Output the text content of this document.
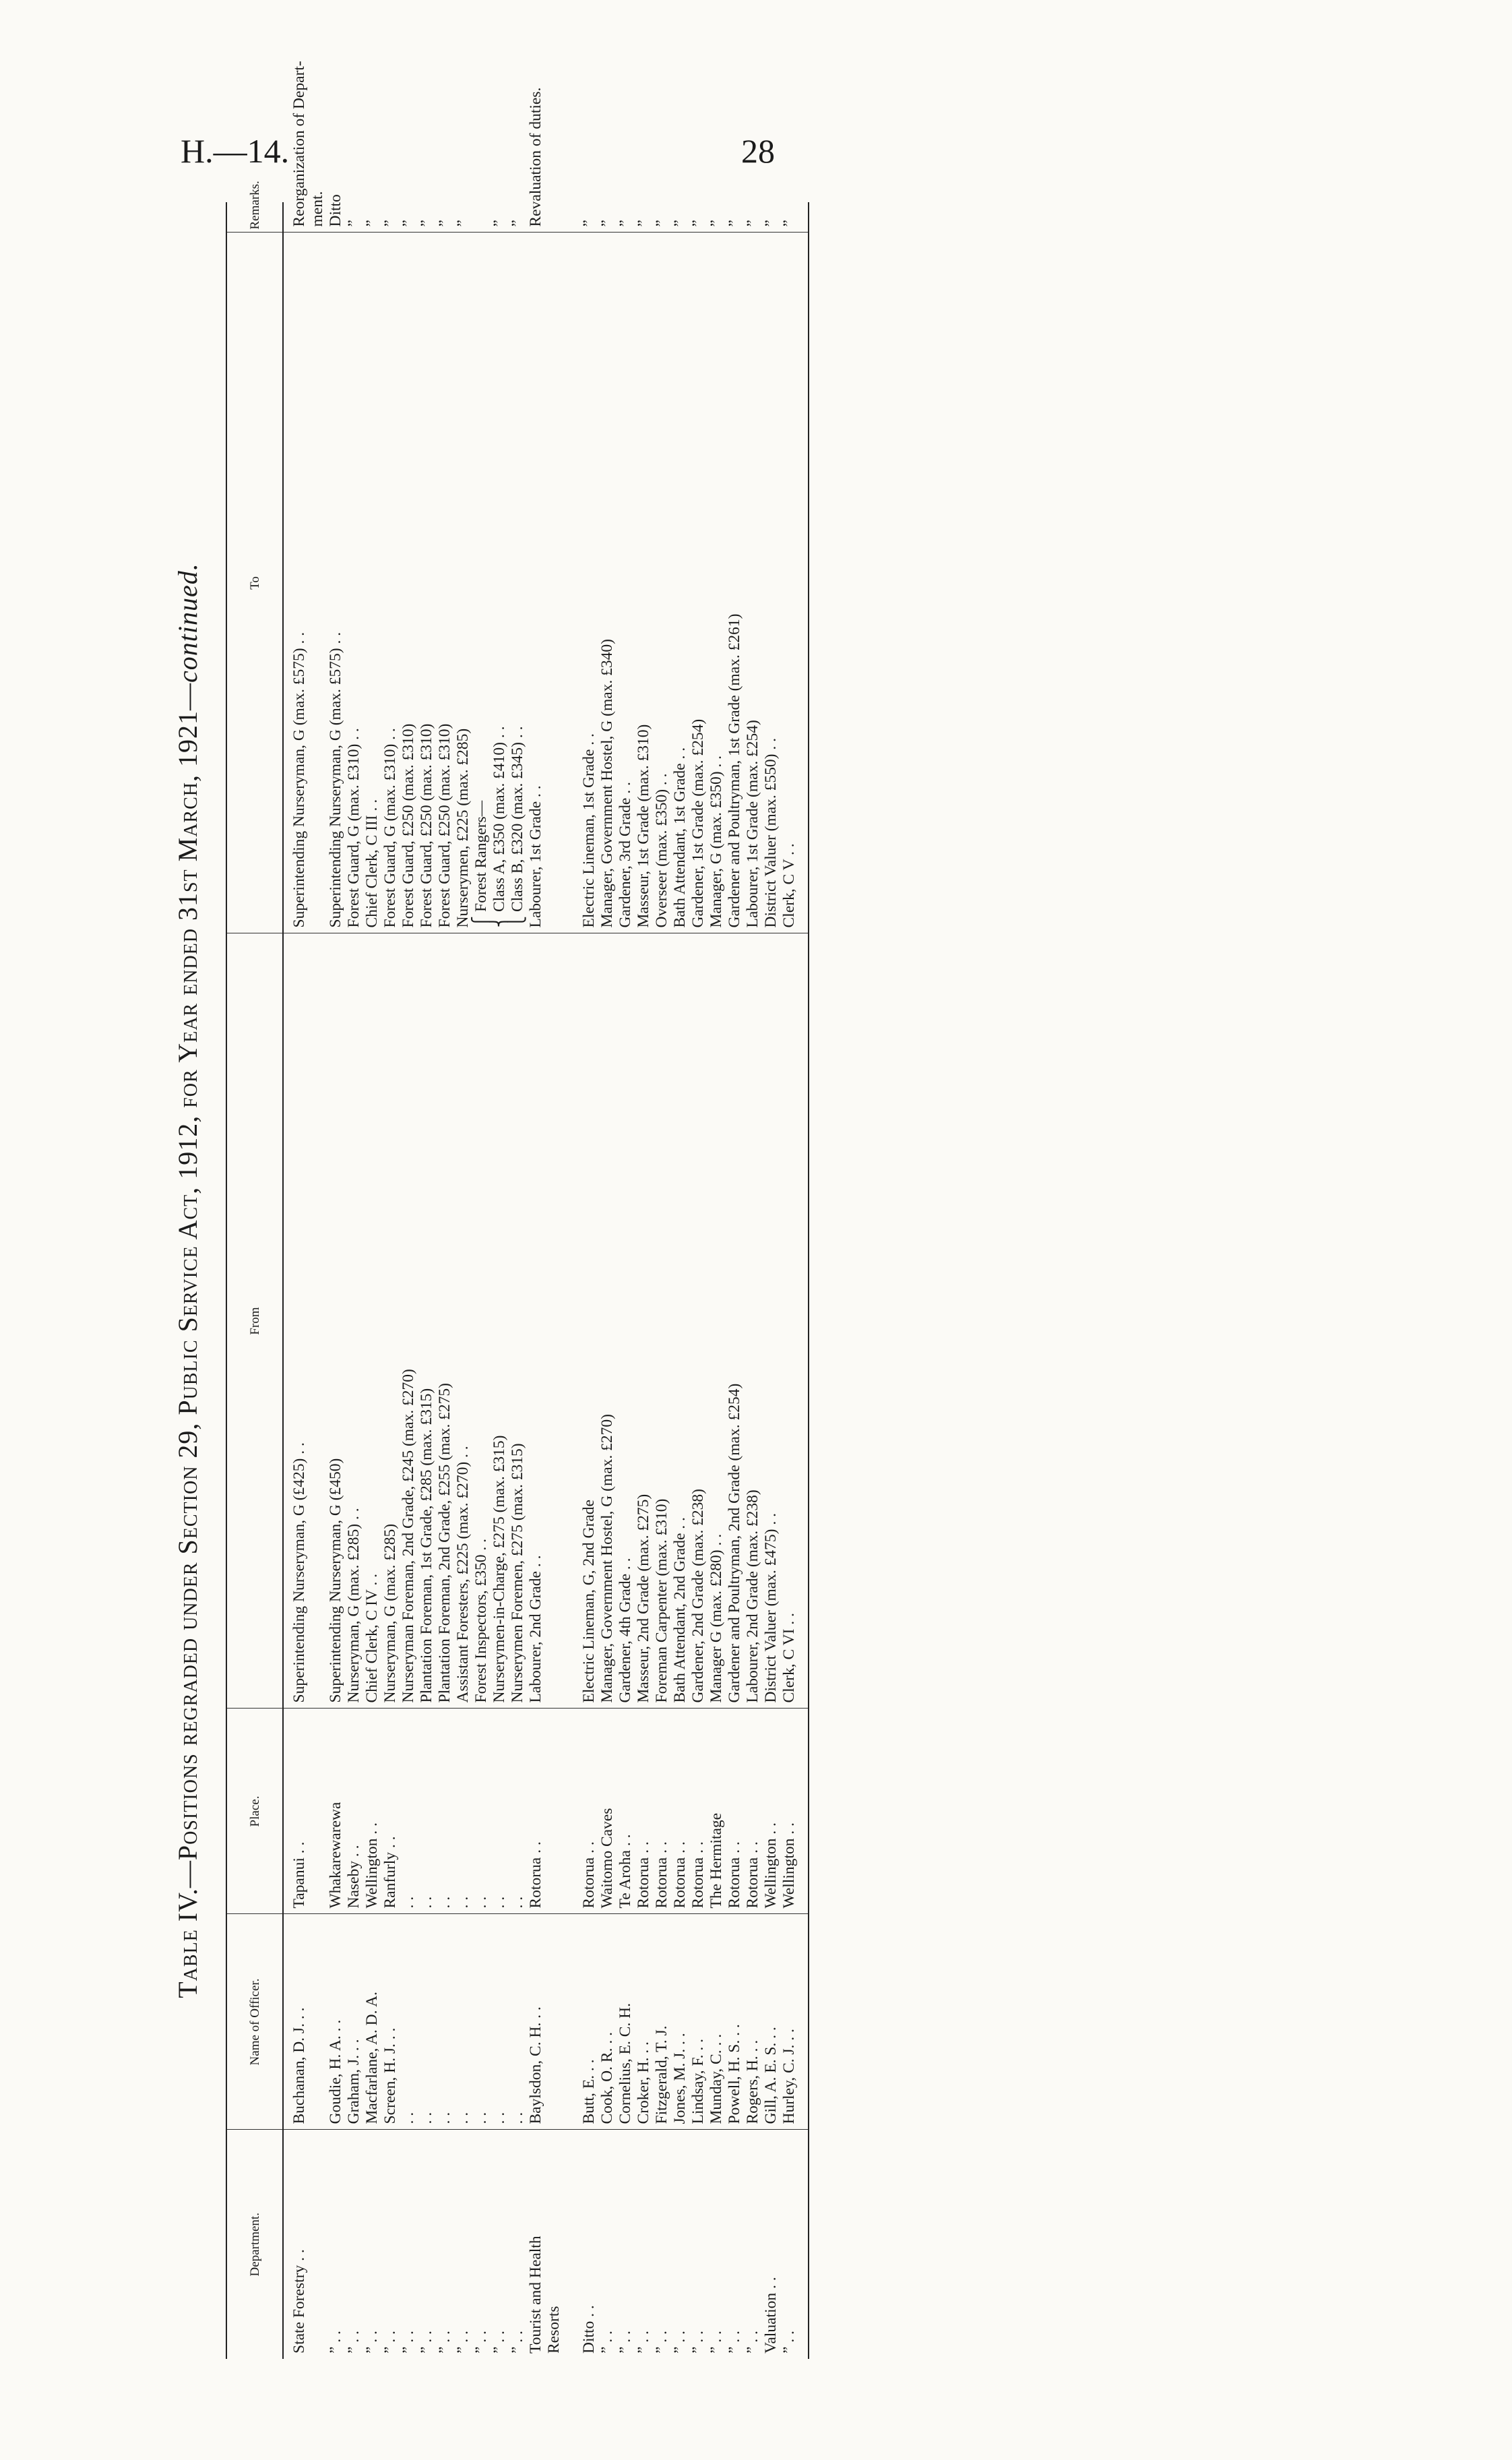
H.—14.	28
Table IV.—Positions regraded under Section 29, Public Service Act, 1912, for Year ended 31st March, 1921—continued.
Department.	Name of Officer.	Place.	From	To	Remarks.
State Forestry . .	Buchanan, D. J. . .	Tapanui . .	Superintending Nurseryman, G (£425) . .	Superintending Nurseryman, G (max. £575) . .	Reorganization of Depart-
					ment.
” . .	Goudie, H. A. . .	Whakarewarewa	Superintending Nurseryman, G (£450)	Superintending Nurseryman, G (max. £575) . .	Ditto
” . .	Graham, J. . .	Naseby . .	Nurseryman, G (max. £285) . .	Forest Guard, G (max. £310) . .	”
” . .	Macfarlane, A. D. A.	Wellington . .	Chief Clerk, C IV . .	Chief Clerk, C III . .	”
” . .	Screen, H. J. . .	Ranfurly . .	Nurseryman, G (max. £285)	Forest Guard, G (max. £310) . .	”
” . .	. .	. .	Nurseryman Foreman, 2nd Grade, £245 (max. £270)	Forest Guard, £250 (max. £310)	”
” . .	. .	. .	Plantation Foreman, 1st Grade, £285 (max. £315)	Forest Guard, £250 (max. £310)	”
” . .	. .	. .	Plantation Foreman, 2nd Grade, £255 (max. £275)	Forest Guard, £250 (max. £310)	”
” . .	. .	. .	Assistant Foresters, £225 (max. £270) . .	Nurserymen, £225 (max. £285)	”
” . .	. .	. .	Forest Inspectors, £350 . .	⎧ Forest Rangers—	
” . .	. .	. .	Nurserymen-in-Charge, £275 (max. £315)	⎨ Class A, £350 (max. £410) . .	”
” . .	. .	. .	Nurserymen Foremen, £275 (max. £315)	⎩ Class B, £320 (max. £345) . .	”
Tourist and Health	Baylsdon, C. H. . .	Rotorua . .	Labourer, 2nd Grade . .	Labourer, 1st Grade . .	Revaluation of duties.
Resorts					

Ditto . .	Butt, E. . .	Rotorua . .	Electric Lineman, G, 2nd Grade	Electric Lineman, 1st Grade . .	”
” . .	Cook, O. R. . .	Waitomo Caves	Manager, Government Hostel, G (max. £270)	Manager, Government Hostel, G (max. £340)	”
” . .	Cornelius, E. C. H.	Te Aroha . .	Gardener, 4th Grade . .	Gardener, 3rd Grade . .	”
” . .	Croker, H. . .	Rotorua . .	Masseur, 2nd Grade (max. £275)	Masseur, 1st Grade (max. £310)	”
” . .	Fitzgerald, T. J.	Rotorua . .	Foreman Carpenter (max. £310)	Overseer (max. £350) . .	”
” . .	Jones, M. J. . .	Rotorua . .	Bath Attendant, 2nd Grade . .	Bath Attendant, 1st Grade . .	”
” . .	Lindsay, F. . .	Rotorua . .	Gardener, 2nd Grade (max. £238)	Gardener, 1st Grade (max. £254)	”
” . .	Munday, C. . .	The Hermitage	Manager G (max. £280) . .	Manager, G (max. £350) . .	”
” . .	Powell, H. S. . .	Rotorua . .	Gardener and Poultryman, 2nd Grade (max. £254)	Gardener and Poultryman, 1st Grade (max. £261)	”
” . .	Rogers, H. . .	Rotorua . .	Labourer, 2nd Grade (max. £238)	Labourer, 1st Grade (max. £254)	”
Valuation . .	Gill, A. E. S. . .	Wellington . .	District Valuer (max. £475) . .	District Valuer (max. £550) . .	”
” . .	Hurley, C. J. . .	Wellington . .	Clerk, C VI . .	Clerk, C V . .	”
